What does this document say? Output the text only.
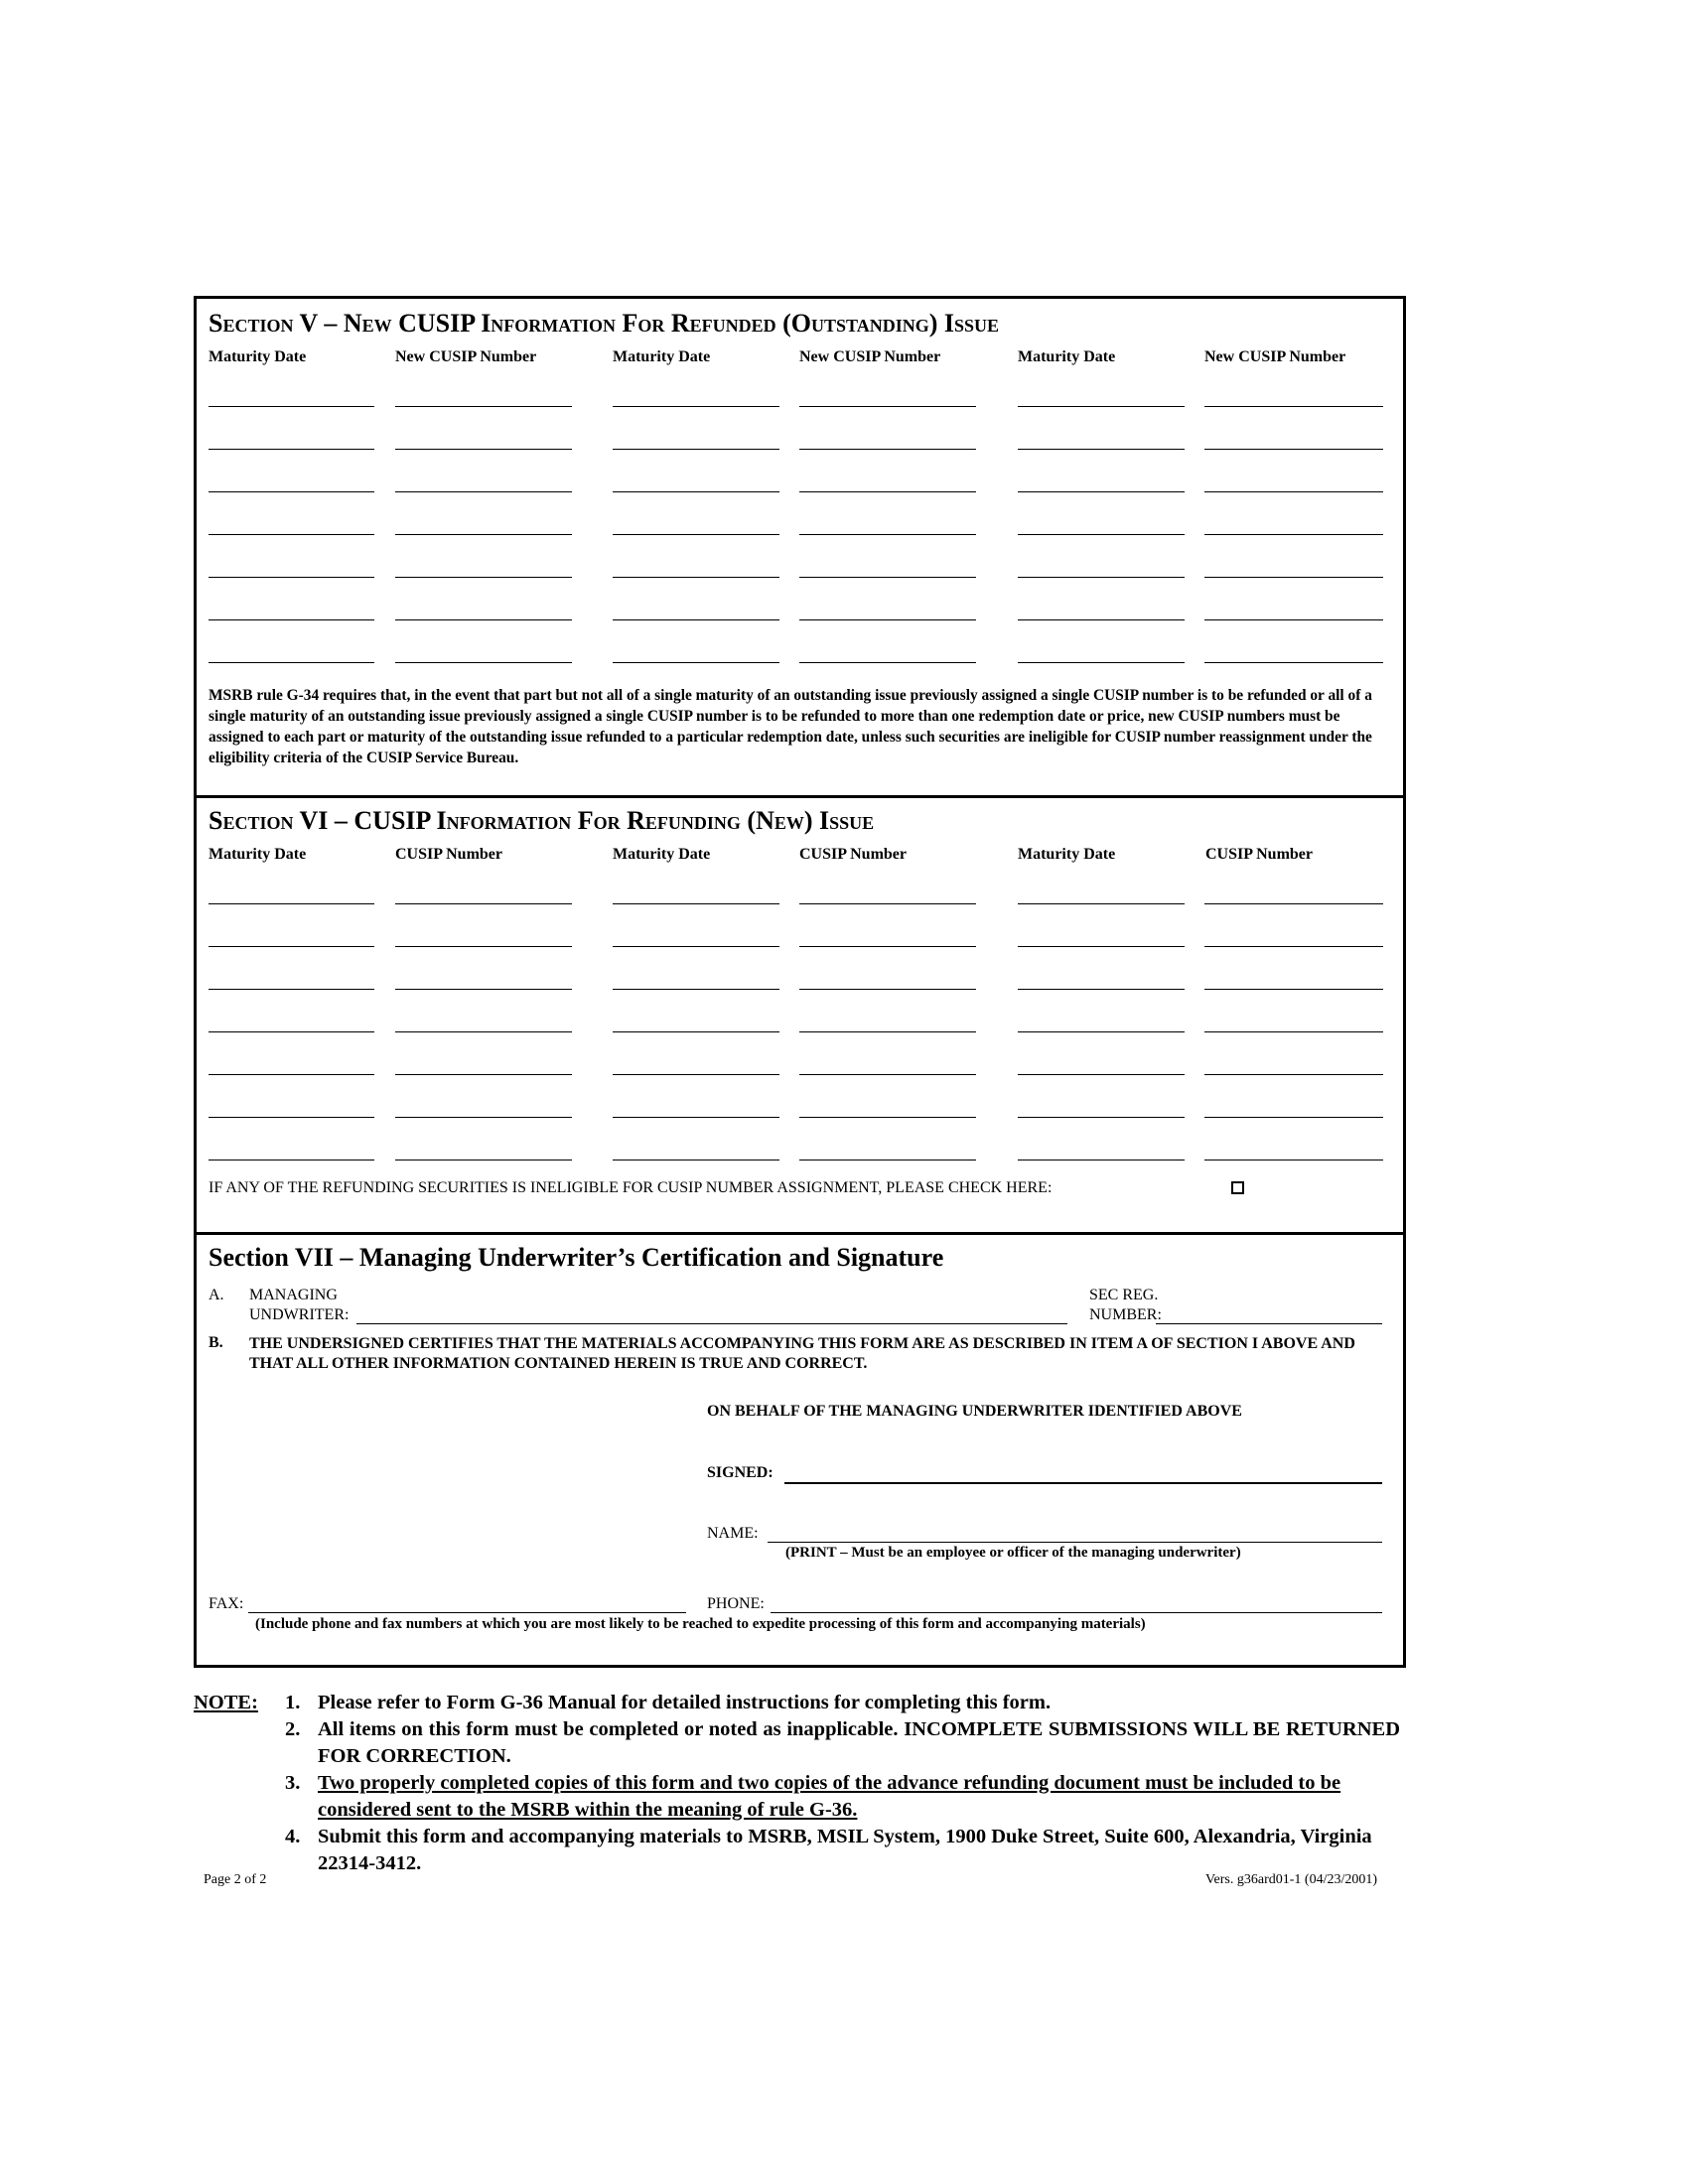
Section V – New CUSIP Information For Refunded (Outstanding) Issue
Maturity Date	New CUSIP Number	Maturity Date	New CUSIP Number	Maturity Date	New CUSIP Number
MSRB rule G-34 requires that, in the event that part but not all of a single maturity of an outstanding issue previously assigned a single CUSIP number is to be refunded or all of a single maturity of an outstanding issue previously assigned a single CUSIP number is to be refunded to more than one redemption date or price, new CUSIP numbers must be assigned to each part or maturity of the outstanding issue refunded to a particular redemption date, unless such securities are ineligible for CUSIP number reassignment under the eligibility criteria of the CUSIP Service Bureau.
Section VI – CUSIP Information For Refunding (New) Issue
Maturity Date	CUSIP Number	Maturity Date	CUSIP Number	Maturity Date	CUSIP Number
IF ANY OF THE REFUNDING SECURITIES IS INELIGIBLE FOR CUSIP NUMBER ASSIGNMENT, PLEASE CHECK HERE:
Section VII – Managing Underwriter’s Certification and Signature
A. MANAGING
UNDWRITER:
SEC REG.
NUMBER:
B. THE UNDERSIGNED CERTIFIES THAT THE MATERIALS ACCOMPANYING THIS FORM ARE AS DESCRIBED IN ITEM A OF SECTION I ABOVE AND THAT ALL OTHER INFORMATION CONTAINED HEREIN IS TRUE AND CORRECT.
ON BEHALF OF THE MANAGING UNDERWRITER IDENTIFIED ABOVE
SIGNED:
NAME:
(PRINT – Must be an employee or officer of the managing underwriter)
FAX:	PHONE:
(Include phone and fax numbers at which you are most likely to be reached to expedite processing of this form and accompanying materials)
NOTE: 1. Please refer to Form G-36 Manual for detailed instructions for completing this form.
2. All items on this form must be completed or noted as inapplicable. INCOMPLETE SUBMISSIONS WILL BE RETURNED FOR CORRECTION.
3. Two properly completed copies of this form and two copies of the advance refunding document must be included to be considered sent to the MSRB within the meaning of rule G-36.
4. Submit this form and accompanying materials to MSRB, MSIL System, 1900 Duke Street, Suite 600, Alexandria, Virginia 22314-3412.
Page 2 of 2	Vers. g36ard01-1 (04/23/2001)
